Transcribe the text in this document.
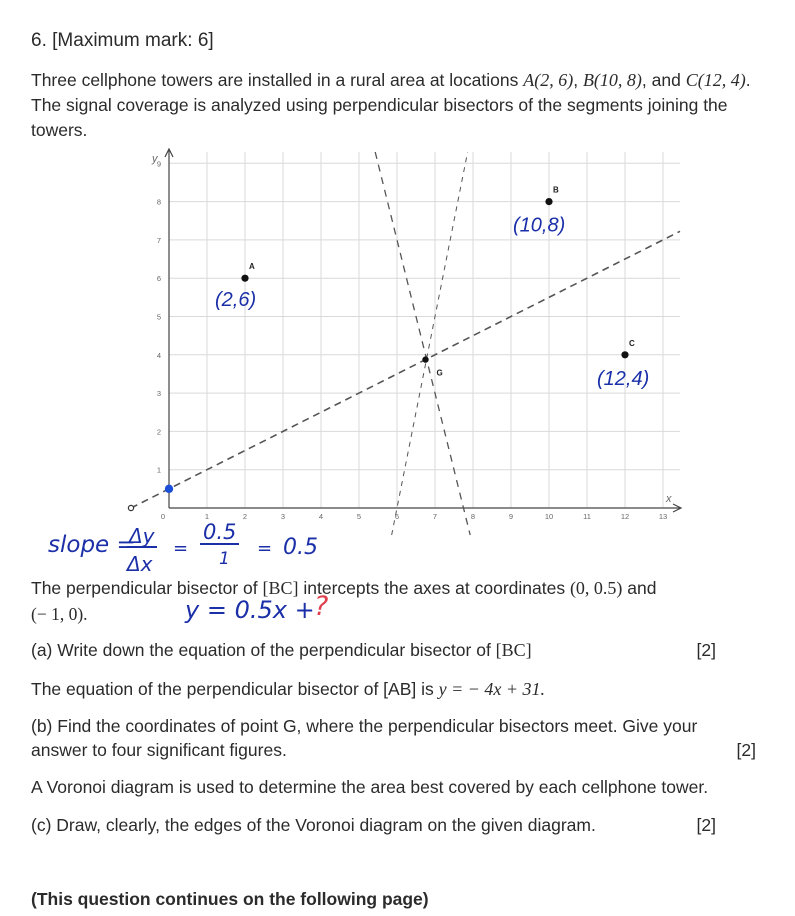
6. [Maximum mark: 6]
Three cellphone towers are installed in a rural area at locations A(2, 6), B(10, 8), and C(12, 4). The signal coverage is analyzed using perpendicular bisectors of the segments joining the towers.
1	2	3	4	5	6	7	8	9	10	11	12	13
1
2
3
4
5
6
7
8
9
0
y
x
A
B
C
G
(2,6)
(10,8)
(12,4)
slope =
Δy
Δx
=
0.5
1 = 0.5
The perpendicular bisector of [BC] intercepts the axes at coordinates (0, 0.5) and
(− 1, 0).	y = 0.5x + ?
(a) Write down the equation of the perpendicular bisector of [BC]	[2]
The equation of the perpendicular bisector of [AB] is y = − 4x + 31.
(b) Find the coordinates of point G, where the perpendicular bisectors meet. Give your answer to four significant figures.	[2]
A Voronoi diagram is used to determine the area best covered by each cellphone tower.
(c) Draw, clearly, the edges of the Voronoi diagram on the given diagram.	[2]
(This question continues on the following page)
